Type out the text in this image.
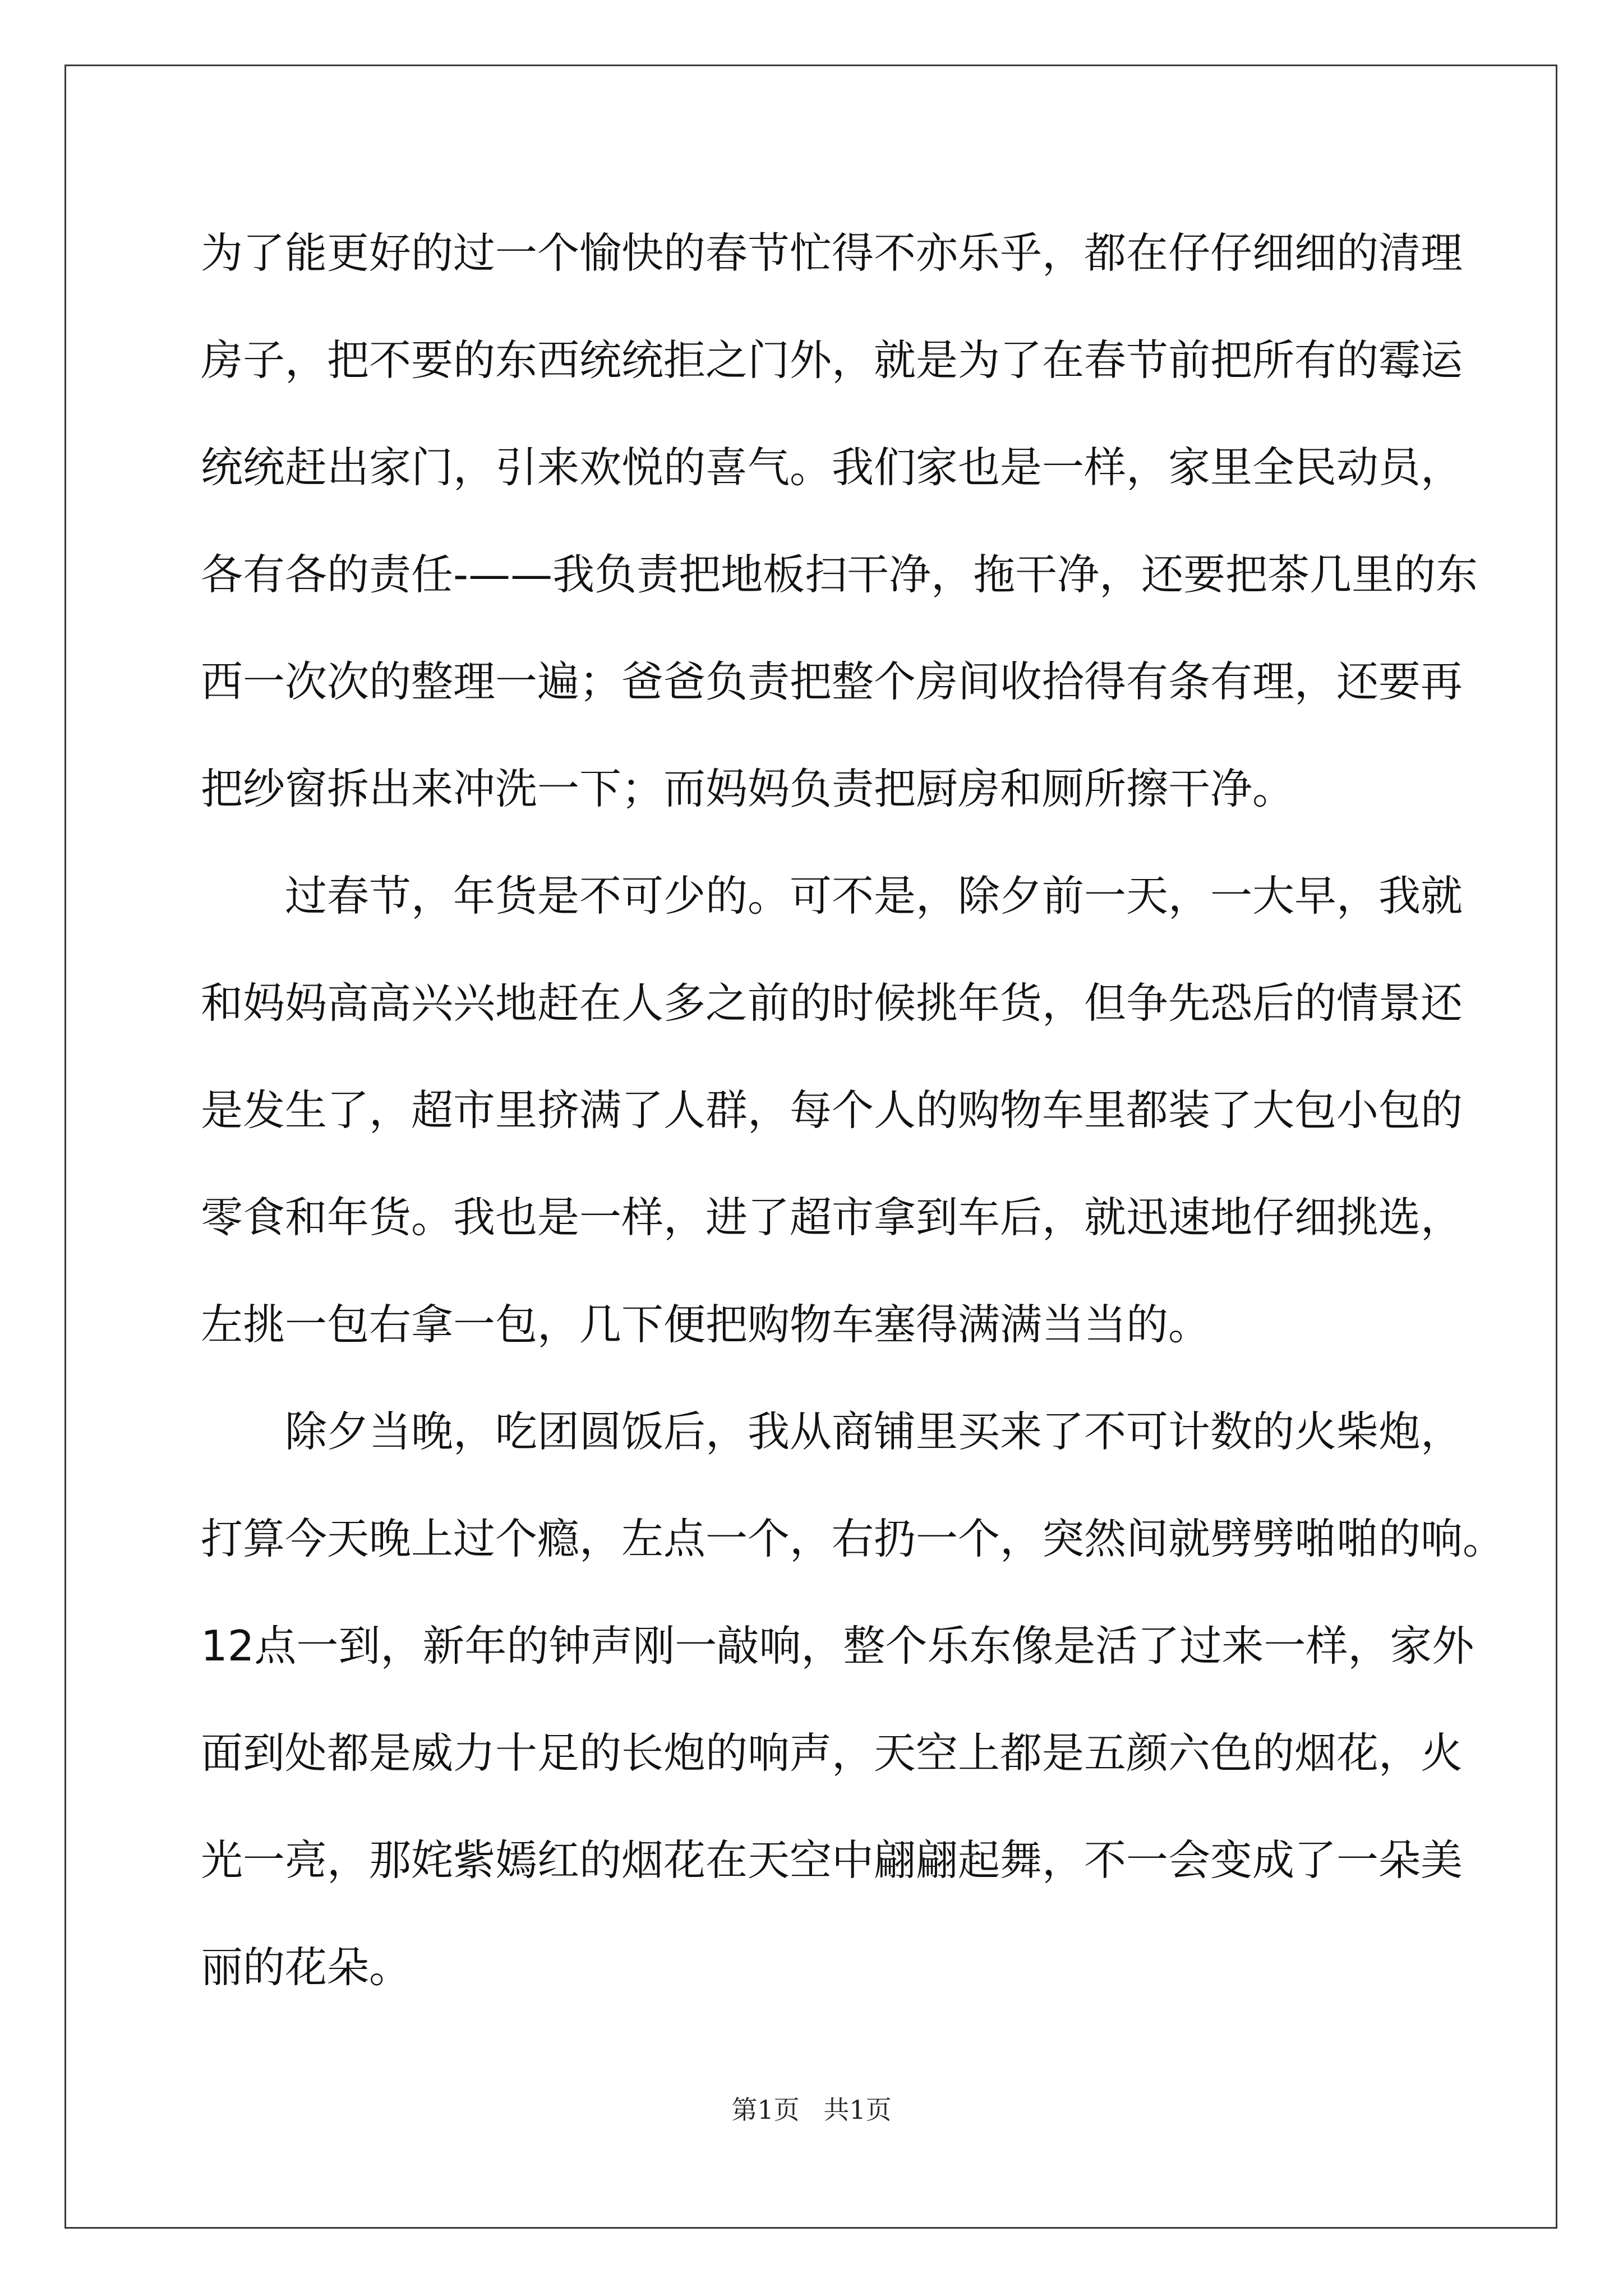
为了能更好的过一个愉快的春节忙得不亦乐乎，都在仔仔细细的清理
房子，把不要的东西统统拒之门外，就是为了在春节前把所有的霉运
统统赶出家门，引来欢悦的喜气。我们家也是一样，家里全民动员，
各有各的责任-——我负责把地板扫干净，拖干净，还要把茶几里的东
西一次次的整理一遍；爸爸负责把整个房间收拾得有条有理，还要再
把纱窗拆出来冲洗一下；而妈妈负责把厨房和厕所擦干净。
过春节，年货是不可少的。可不是，除夕前一天，一大早，我就
和妈妈高高兴兴地赶在人多之前的时候挑年货，但争先恐后的情景还
是发生了，超市里挤满了人群，每个人的购物车里都装了大包小包的
零食和年货。我也是一样，进了超市拿到车后，就迅速地仔细挑选，
左挑一包右拿一包，几下便把购物车塞得满满当当的。
除夕当晚，吃团圆饭后，我从商铺里买来了不可计数的火柴炮，
打算今天晚上过个瘾，左点一个，右扔一个，突然间就劈劈啪啪的响。
12点一到，新年的钟声刚一敲响，整个乐东像是活了过来一样，家外
面到处都是威力十足的长炮的响声，天空上都是五颜六色的烟花，火
光一亮，那姹紫嫣红的烟花在天空中翩翩起舞，不一会变成了一朵美
丽的花朵。
第1页 共1页
